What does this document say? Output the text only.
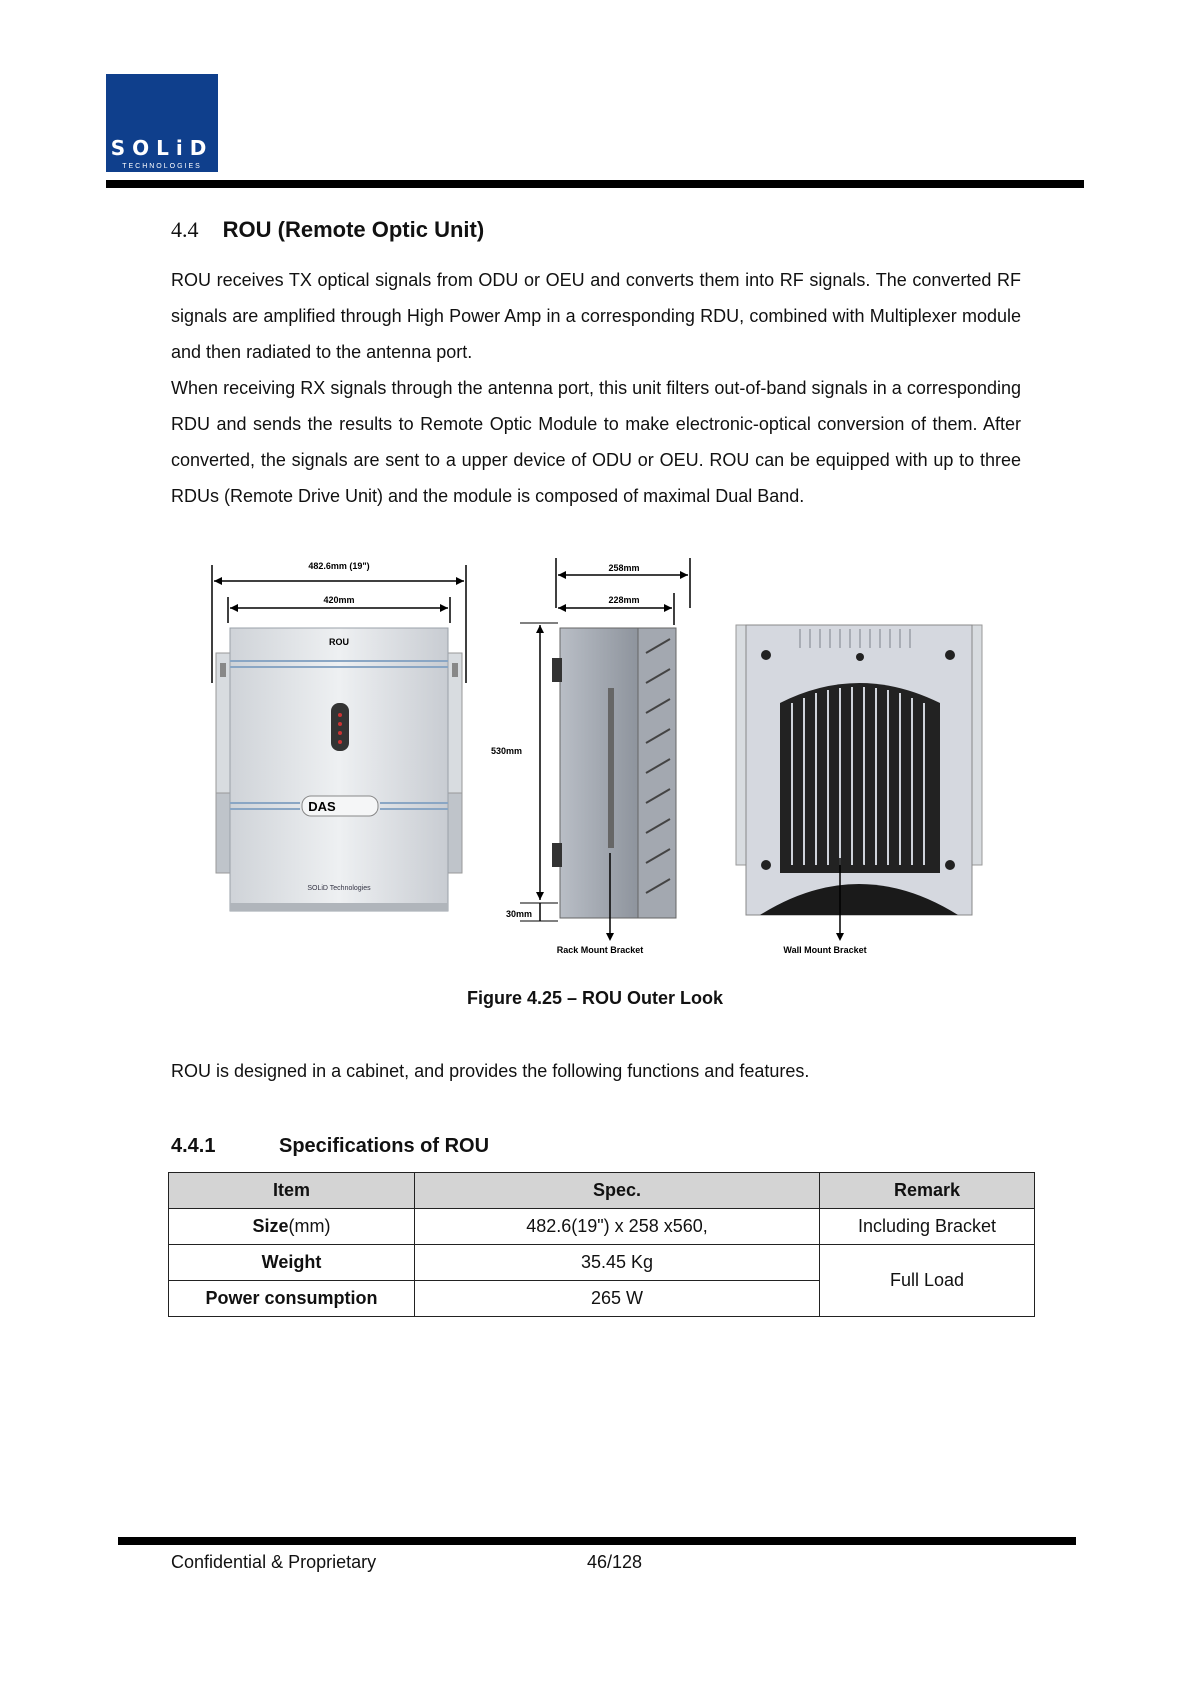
SOLiD
TECHNOLOGIES
4.4 ROU (Remote Optic Unit)

ROU receives TX optical signals from ODU or OEU and converts them into RF signals. The converted RF signals are amplified through High Power Amp in a corresponding RDU, combined with Multiplexer module and then radiated to the antenna port.

When receiving RX signals through the antenna port, this unit filters out-of-band signals in a corresponding RDU and sends the results to Remote Optic Module to make electronic-optical conversion of them. After converted, the signals are sent to a upper device of ODU or OEU. ROU can be equipped with up to three RDUs (Remote Drive Unit) and the module is composed of maximal Dual Band.

482.6mm (19")
420mm
ROU
DAS
SOLiD Technologies
258mm
228mm
530mm
30mm
Rack Mount Bracket	Wall Mount Bracket
Figure 4.25 – ROU Outer Look
ROU is designed in a cabinet, and provides the following functions and features.
4.4.1	Specifications of ROU
Item	Spec.	Remark
Size(mm)	482.6(19") x 258 x560,	Including Bracket
Weight	35.45 Kg	Full Load
Power consumption	265 W	
Confidential & Proprietary	46/128
